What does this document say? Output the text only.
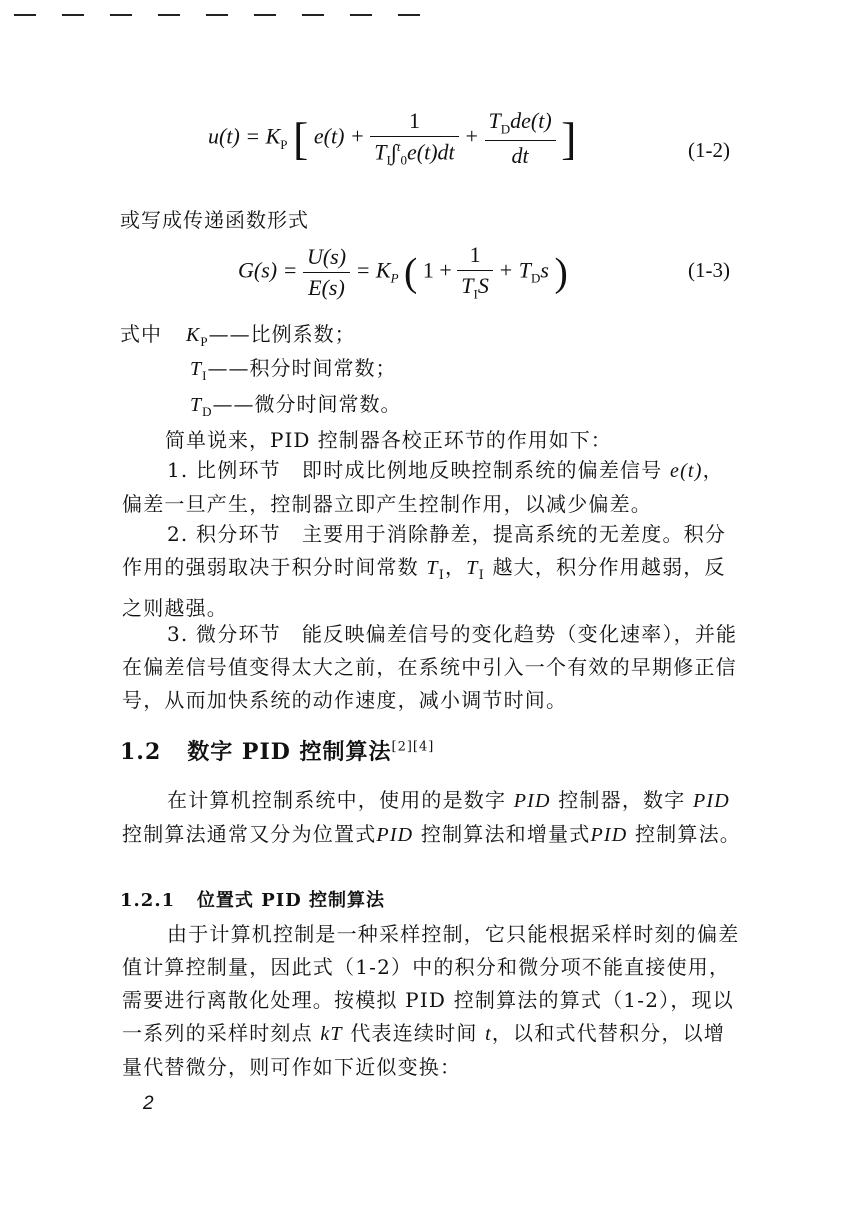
$u(t) = K_P$ [ $e(t) + \frac{1}{T_I\int^t_0e(t)dt} + \frac{T_Dde(t)}{dt}$ ]	(1-2)
或写成传递函数形式
$G(s) = \frac{U(s)}{E(s)} = K_P$ ( $1 + \frac{1}{T_IS} + T_Ds$ )	(1-3)
式中 $K_P——$比例系数；
$T_I——$积分时间常数；
$T_D——$微分时间常数。
简单说来，PID 控制器各校正环节的作用如下：
1. 比例环节　即时成比例地反映控制系统的偏差信号 e(t)，偏差一旦产生，控制器立即产生控制作用，以减少偏差。
2. 积分环节　主要用于消除静差，提高系统的无差度。积分作用的强弱取决于积分时间常数 $T_I$，$T_I$ 越大，积分作用越弱，反之则越强。
3. 微分环节　能反映偏差信号的变化趋势（变化速率），并能在偏差信号值变得太大之前，在系统中引入一个有效的早期修正信号，从而加快系统的动作速度，减小调节时间。
1.2 数字 PID 控制算法[2][4]
在计算机控制系统中，使用的是数字 PID 控制器，数字 PID 控制算法通常又分为位置式PID 控制算法和增量式PID 控制算法。
1.2.1 位置式 PID 控制算法
由于计算机控制是一种采样控制，它只能根据采样时刻的偏差值计算控制量，因此式（1-2）中的积分和微分项不能直接使用，需要进行离散化处理。按模拟 PID 控制算法的算式（1-2），现以一系列的采样时刻点 kT 代表连续时间 t，以和式代替积分，以增量代替微分，则可作如下近似变换：
2
